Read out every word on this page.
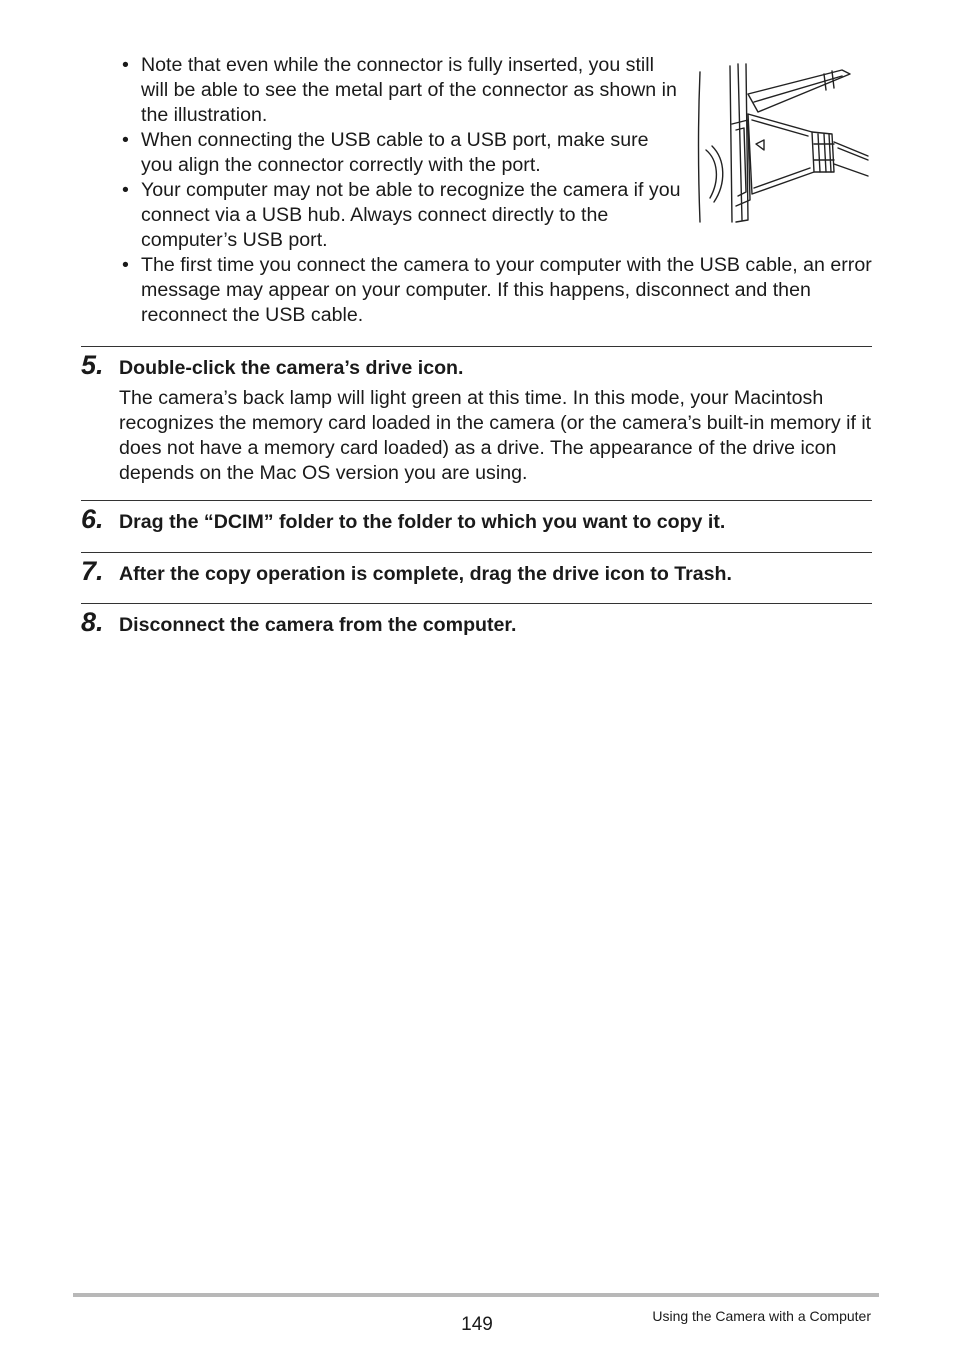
• Note that even while the connector is fully inserted, you still will be able to see the metal part of the connector as shown in the illustration.
• When connecting the USB cable to a USB port, make sure you align the connector correctly with the port.
• Your computer may not be able to recognize the camera if you connect via a USB hub. Always connect directly to the computer’s USB port.
• The first time you connect the camera to your computer with the USB cable, an error message may appear on your computer. If this happens, disconnect and then reconnect the USB cable.
5. Double-click the camera’s drive icon.
The camera’s back lamp will light green at this time. In this mode, your Macintosh recognizes the memory card loaded in the camera (or the camera’s built-in memory if it does not have a memory card loaded) as a drive. The appearance of the drive icon depends on the Mac OS version you are using.
6. Drag the “DCIM” folder to the folder to which you want to copy it.
7. After the copy operation is complete, drag the drive icon to Trash.
8. Disconnect the camera from the computer.
149	Using the Camera with a Computer
